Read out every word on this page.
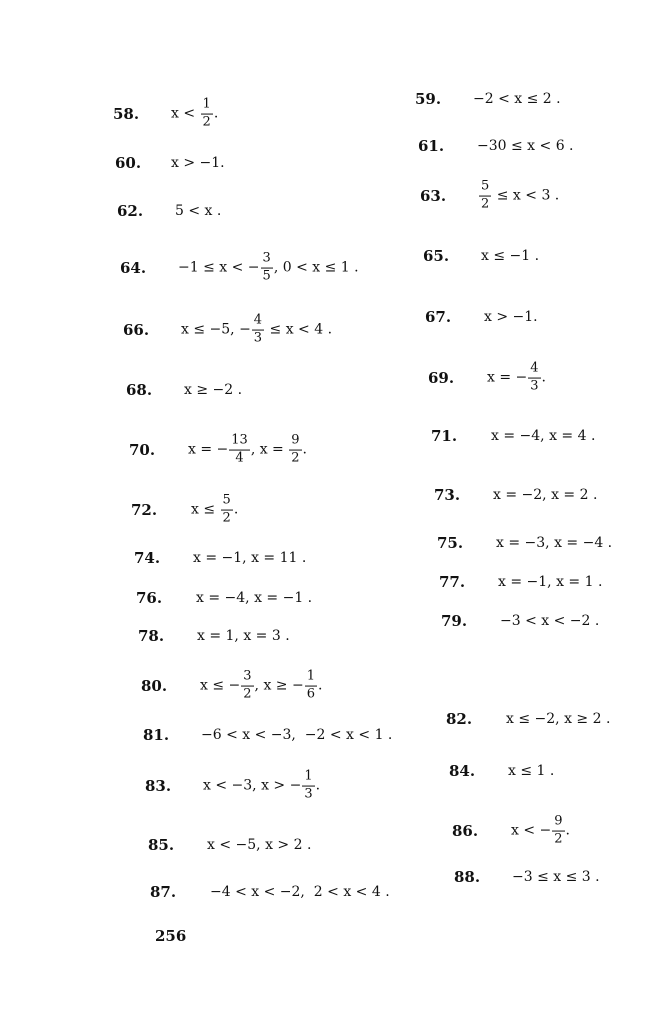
58. $x < \frac{1}{2}$ .
59. −2 < x ≤ 2 .
60. x > −1.
61. −30 ≤ x < 6 .
62. 5 < x .
63.	$\frac{5}{2} \le x < 3$ .
64. −1 ≤ x < − $\frac{3}{5}$ , 0 < x ≤ 1 .
65. x ≤ −1 .
66. x ≤ −5, − $\frac{4}{3} \le x < 4$ .
67. x > −1.
68. x ≥ −2 .
69. x = − $\frac{4}{3}$ .
70. x = − $\frac{13}{4}$ , $x = \frac{9}{2}$ .
71. x = −4, x = 4 .
72. $x \le \frac{5}{2}$ .
73. x = −2, x = 2 .
74. x = −1, x = 11 .
75. x = −3, x = −4 .
76. x = −4, x = −1 .
77. x = −1, x = 1 .
78. x = 1, x = 3 .
79. −3 < x < −2 .
80. x ≤ − $\frac{3}{2}$ , x ≥ − $\frac{1}{6}$ .
81. −6 < x < −3,  −2 < x < 1 .
82. x ≤ −2, x ≥ 2 .
83. x < −3, x > − $\frac{1}{3}$ .
84. x ≤ 1 .
85. x < −5, x > 2 .
86. x < − $\frac{9}{2}$ .
87. −4 < x < −2,  2 < x < 4 .
88. −3 ≤ x ≤ 3 .
256
